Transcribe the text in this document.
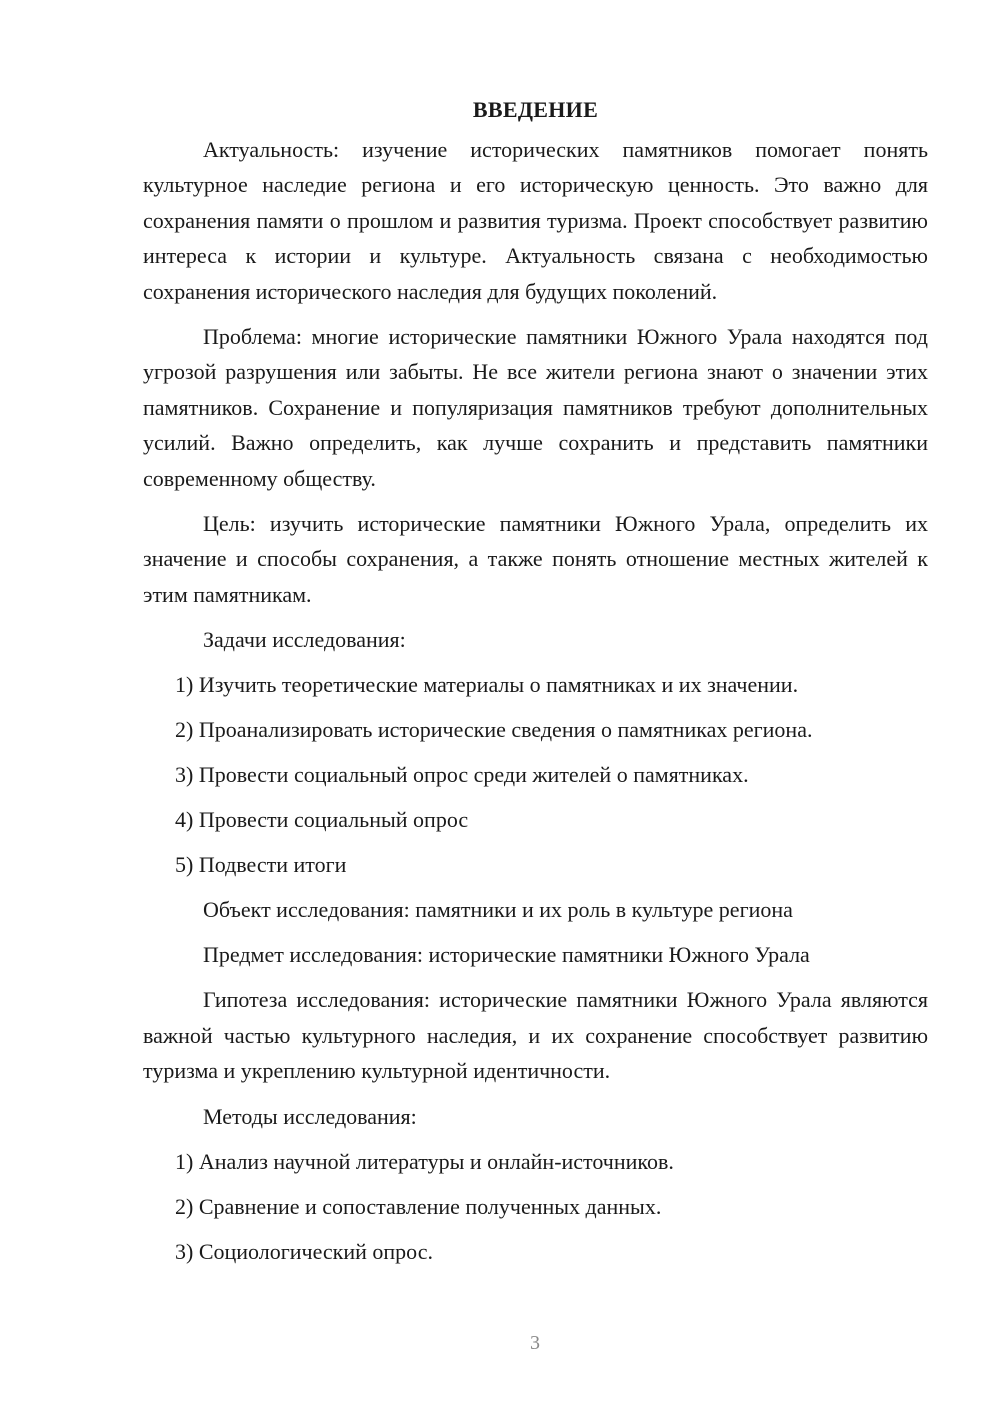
ВВЕДЕНИЕ

Актуальность: изучение исторических памятников помогает понять культурное наследие региона и его историческую ценность. Это важно для сохранения памяти о прошлом и развития туризма. Проект способствует развитию интереса к истории и культуре. Актуальность связана с необходимостью сохранения исторического наследия для будущих поколений.

Проблема: многие исторические памятники Южного Урала находятся под угрозой разрушения или забыты. Не все жители региона знают о значении этих памятников. Сохранение и популяризация памятников требуют дополнительных усилий. Важно определить, как лучше сохранить и представить памятники современному обществу.

Цель: изучить исторические памятники Южного Урала, определить их значение и способы сохранения, а также понять отношение местных жителей к этим памятникам.

Задачи исследования:
1) Изучить теоретические материалы о памятниках и их значении.
2) Проанализировать исторические сведения о памятниках региона.
3) Провести социальный опрос среди жителей о памятниках.
4) Провести социальный опрос
5) Подвести итоги
Объект исследования: памятники и их роль в культуре региона
Предмет исследования: исторические памятники Южного Урала

Гипотеза исследования: исторические памятники Южного Урала являются важной частью культурного наследия, и их сохранение способствует развитию туризма и укреплению культурной идентичности.

Методы исследования:
1) Анализ научной литературы и онлайн-источников.
2) Сравнение и сопоставление полученных данных.
3) Социологический опрос.
3
